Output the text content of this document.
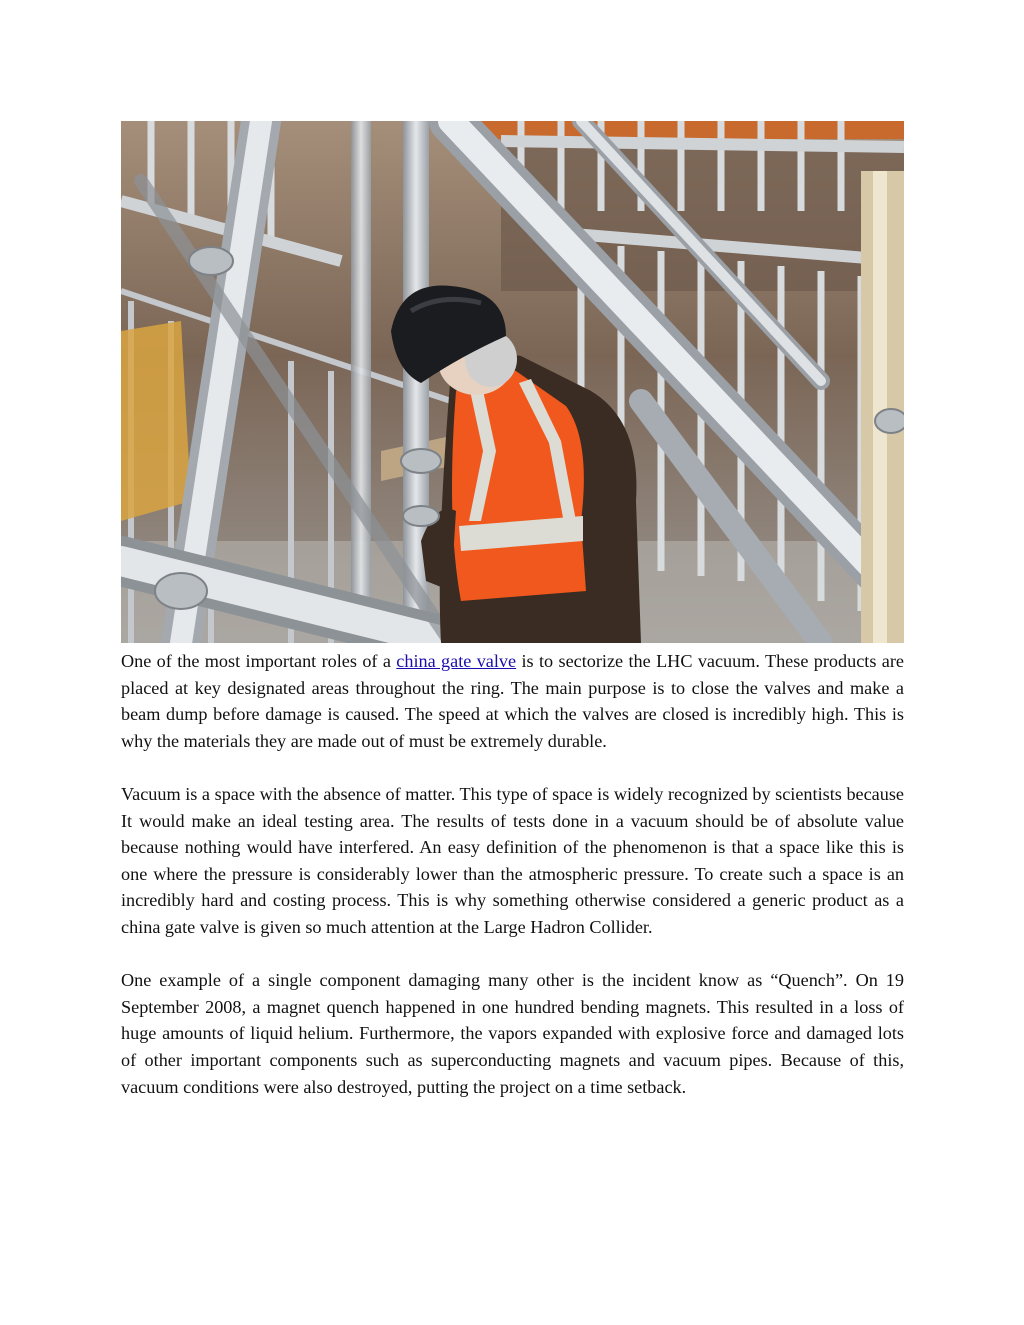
One of the most important roles of a china gate valve is to sectorize the LHC vacuum. These products are placed at key designated areas throughout the ring. The main purpose is to close the valves and make a beam dump before damage is caused. The speed at which the valves are closed is incredibly high. This is why the materials they are made out of must be extremely durable.

Vacuum is a space with the absence of matter. This type of space is widely recognized by scientists because It would make an ideal testing area. The results of tests done in a vacuum should be of absolute value because nothing would have interfered. An easy definition of the phenomenon is that a space like this is one where the pressure is considerably lower than the atmospheric pressure. To create such a space is an incredibly hard and costing process. This is why something otherwise considered a generic product as a china gate valve is given so much attention at the Large Hadron Collider.

One example of a single component damaging many other is the incident know as “Quench”. On 19 September 2008, a magnet quench happened in one hundred bending magnets. This resulted in a loss of huge amounts of liquid helium. Furthermore, the vapors expanded with explosive force and damaged lots of other important components such as superconducting magnets and vacuum pipes. Because of this, vacuum conditions were also destroyed, putting the project on a time setback.
